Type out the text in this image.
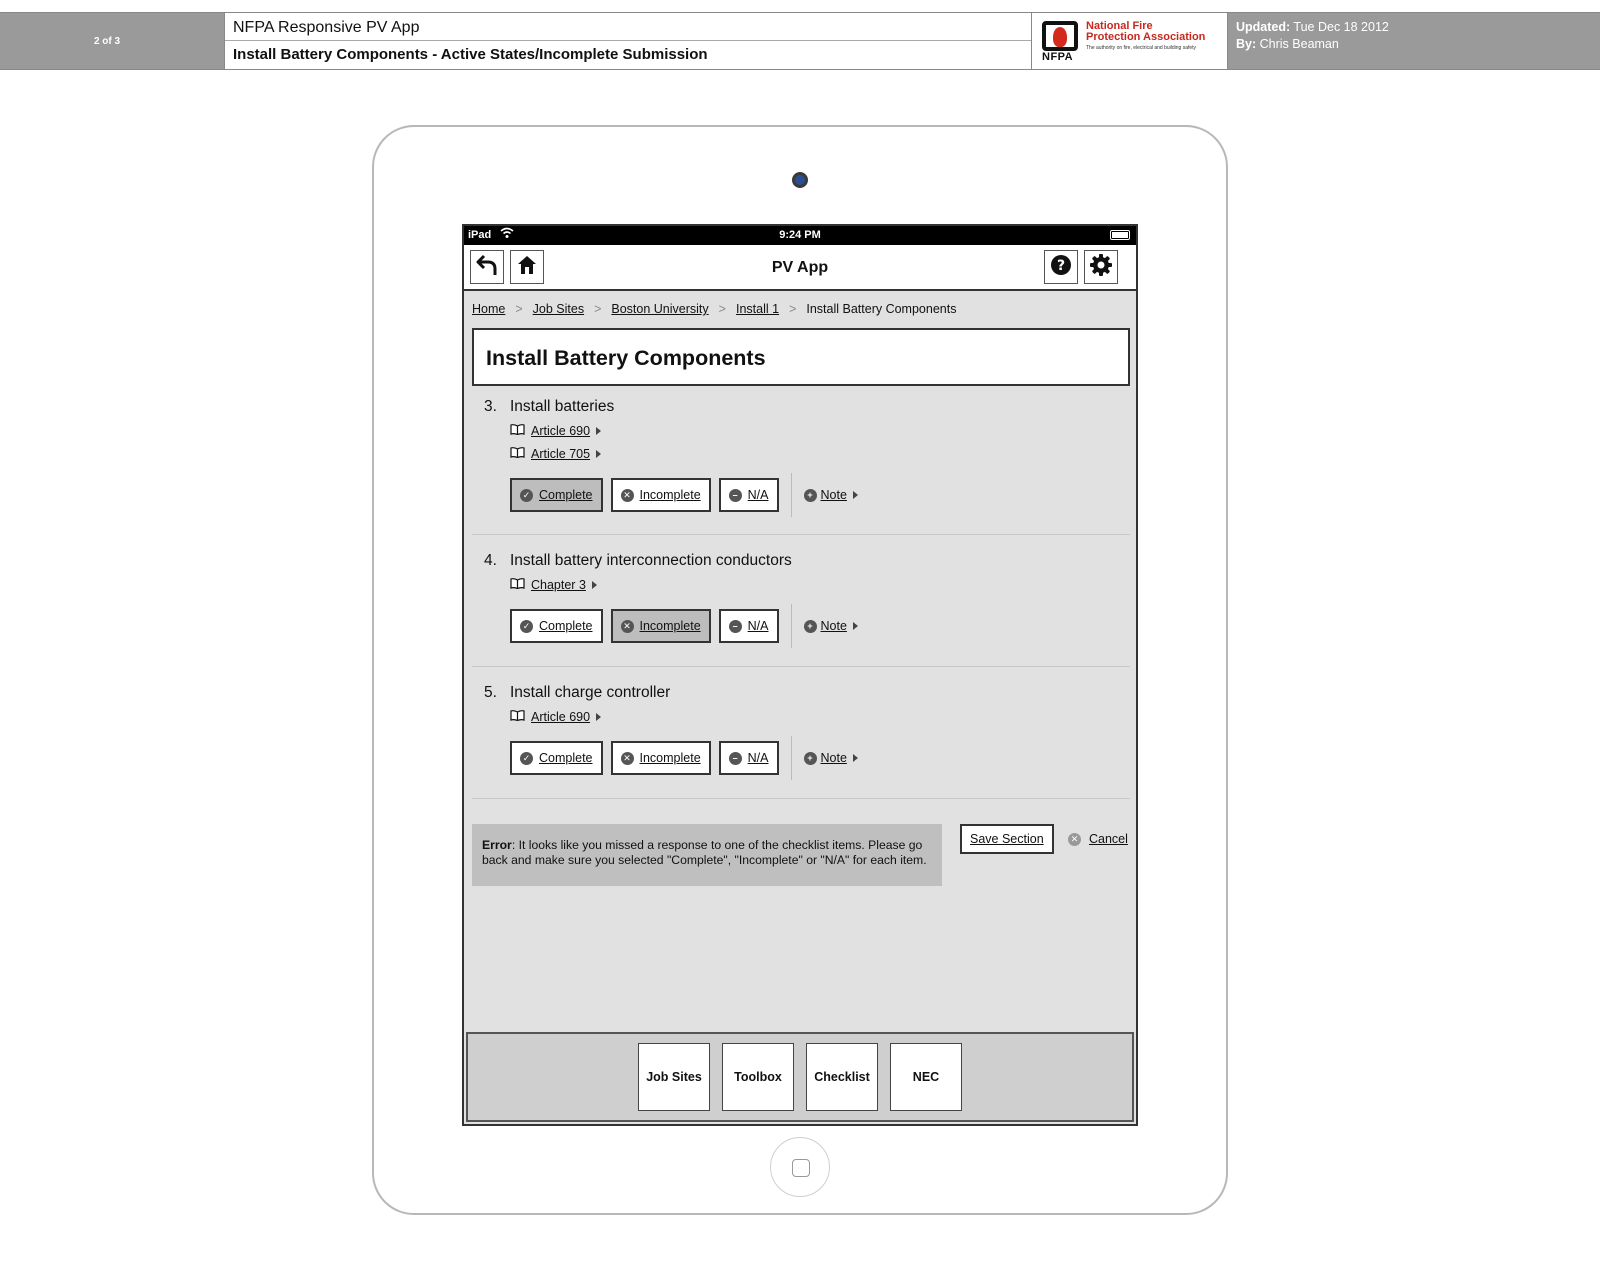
2 of 3
NFPA Responsive PV App
Install Battery Components - Active States/Incomplete Submission	NFPA
National Fire
Protection Association
The authority on fire, electrical and building safety
Updated: Tue Dec 18 2012
By: Chris Beaman
iPad	9:24 PM
PV App	?
Home > Job Sites > Boston University > Install 1 > Install Battery Components
Install Battery Components
3. Install batteries
Article 690
Article 705
✓ Complete	✕ Incomplete	– N/A	+ Note
4. Install battery interconnection conductors
Chapter 3
✓ Complete	✕ Incomplete	– N/A	+ Note
5. Install charge controller
Article 690
✓ Complete	✕ Incomplete	– N/A	+ Note
Error: It looks like you missed a response to one of the checklist items. Please go back and make sure you selected "Complete", "Incomplete" or "N/A" for each item.
Save Section	✕ Cancel
Job Sites	Toolbox	Checklist	NEC
